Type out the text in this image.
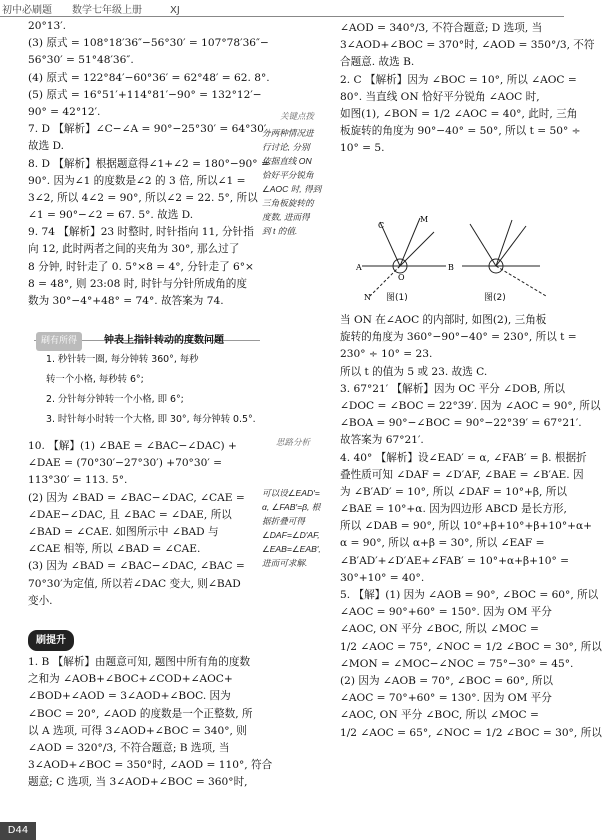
初中必刷题 数学七年级上册	XJ

20°13′.

(3) 原式 = 108°18′36″−56°30′ = 107°78′36″−

56°30′ = 51°48′36″.

(4) 原式 = 122°84′−60°36′ = 62°48′ = 62. 8°.

(5) 原式 = 16°51′+114°81′−90° = 132°12′−

90° = 42°12′.

7. D 【解析】∠C−∠A = 90°−25°30′ = 64°30′.

故选 D.

8. D 【解析】根据题意得∠1+∠2 = 180°−90° =

90°. 因为∠1 的度数是∠2 的 3 倍, 所以∠1 =

3∠2, 所以 4∠2 = 90°, 所以∠2 = 22. 5°, 所以

∠1 = 90°−∠2 = 67. 5°. 故选 D.

9. 74 【解析】23 时整时, 时针指向 11, 分针指

向 12, 此时两者之间的夹角为 30°, 那么过了

8 分钟, 时针走了 0. 5°×8 = 4°, 分针走了 6°×

8 = 48°, 则 23:08 时, 时针与分针所成角的度

数为 30°−4°+48° = 74°. 故答案为 74.

刷有所得	钟表上指针转动的度数问题
1. 秒针转一圈, 每分钟转 360°, 每秒
转一个小格, 每秒转 6°;
2. 分针每分钟转一个小格, 即 6°;
3. 时针每小时转一个大格, 即 30°, 每分钟转 0.5°.

10. 【解】(1) ∠BAE = ∠BAC−∠DAC) +

∠DAE = (70°30′−27°30′) +70°30′ =

113°30′ = 113. 5°.

(2) 因为 ∠BAD = ∠BAC−∠DAC, ∠CAE =

∠DAE−∠DAC, 且 ∠BAC = ∠DAE, 所以

∠BAD = ∠CAE. 如图所示中 ∠BAD 与

∠CAE 相等, 所以 ∠BAD = ∠CAE.

(3) 因为 ∠BAD = ∠BAC−∠DAC, ∠BAC =

70°30′为定值, 所以若∠DAC 变大, 则∠BAD

变小.

刷提升

1. B 【解析】由题意可知, 题图中所有角的度数

之和为 ∠AOB+∠BOC+∠COD+∠AOC+

∠BOD+∠AOD = 3∠AOD+∠BOC. 因为

∠BOC = 20°, ∠AOD 的度数是一个正整数, 所

以 A 选项, 可得 3∠AOD+∠BOC = 340°, 则

∠AOD = 320°/3, 不符合题意; B 选项, 当

3∠AOD+∠BOC = 350°时, ∠AOD = 110°, 符合

题意; C 选项, 当 3∠AOD+∠BOC = 360°时,

关键点拨

分两种情况进

行讨论, 分别

依据直线 ON

恰好平分锐角

∠AOC 时, 得到

三角板旋转的

度数, 进而得

到 t 的值.

思路分析

可以设∠EAD′=

α, ∠FAB′=β, 根

据折叠可得

∠DAF=∠D′AF,

∠EAB=∠EAB′,

进而可求解.

∠AOD = 340°/3, 不符合题意; D 选项, 当

3∠AOD+∠BOC = 370°时, ∠AOD = 350°/3, 不符

合题意. 故选 B.

2. C 【解析】因为 ∠BOC = 10°, 所以 ∠AOC =

80°. 当直线 ON 恰好平分锐角 ∠AOC 时,

如图(1), ∠BON = 1/2 ∠AOC = 40°, 此时, 三角

板旋转的角度为 90°−40° = 50°, 所以 t = 50° ÷

10° = 5.

C
M
A
O
B
N 图(1)	图(2)

当 ON 在∠AOC 的内部时, 如图(2), 三角板

旋转的角度为 360°−90°−40° = 230°, 所以 t =

230° ÷ 10° = 23.

所以 t 的值为 5 或 23. 故选 C.

3. 67°21′ 【解析】因为 OC 平分 ∠DOB, 所以

∠DOC = ∠BOC = 22°39′. 因为 ∠AOC = 90°, 所以

∠BOA = 90°−∠BOC = 90°−22°39′ = 67°21′.

故答案为 67°21′.

4. 40° 【解析】设∠EAD′ = α, ∠FAB′ = β. 根据折

叠性质可知 ∠DAF = ∠D′AF, ∠BAE = ∠B′AE. 因

为 ∠B′AD′ = 10°, 所以 ∠DAF = 10°+β, 所以

∠BAE = 10°+α. 因为四边形 ABCD 是长方形,

所以 ∠DAB = 90°, 所以 10°+β+10°+β+10°+α+

α = 90°, 所以 α+β = 30°, 所以 ∠EAF =

∠B′AD′+∠D′AE+∠FAB′ = 10°+α+β+10° =

30°+10° = 40°.

5. 【解】(1) 因为 ∠AOB = 90°, ∠BOC = 60°, 所以

∠AOC = 90°+60° = 150°. 因为 OM 平分

∠AOC, ON 平分 ∠BOC, 所以 ∠MOC =

1/2 ∠AOC = 75°, ∠NOC = 1/2 ∠BOC = 30°, 所以

∠MON = ∠MOC−∠NOC = 75°−30° = 45°.

(2) 因为 ∠AOB = 70°, ∠BOC = 60°, 所以

∠AOC = 70°+60° = 130°. 因为 OM 平分

∠AOC, ON 平分 ∠BOC, 所以 ∠MOC =

1/2 ∠AOC = 65°, ∠NOC = 1/2 ∠BOC = 30°, 所以

D44
